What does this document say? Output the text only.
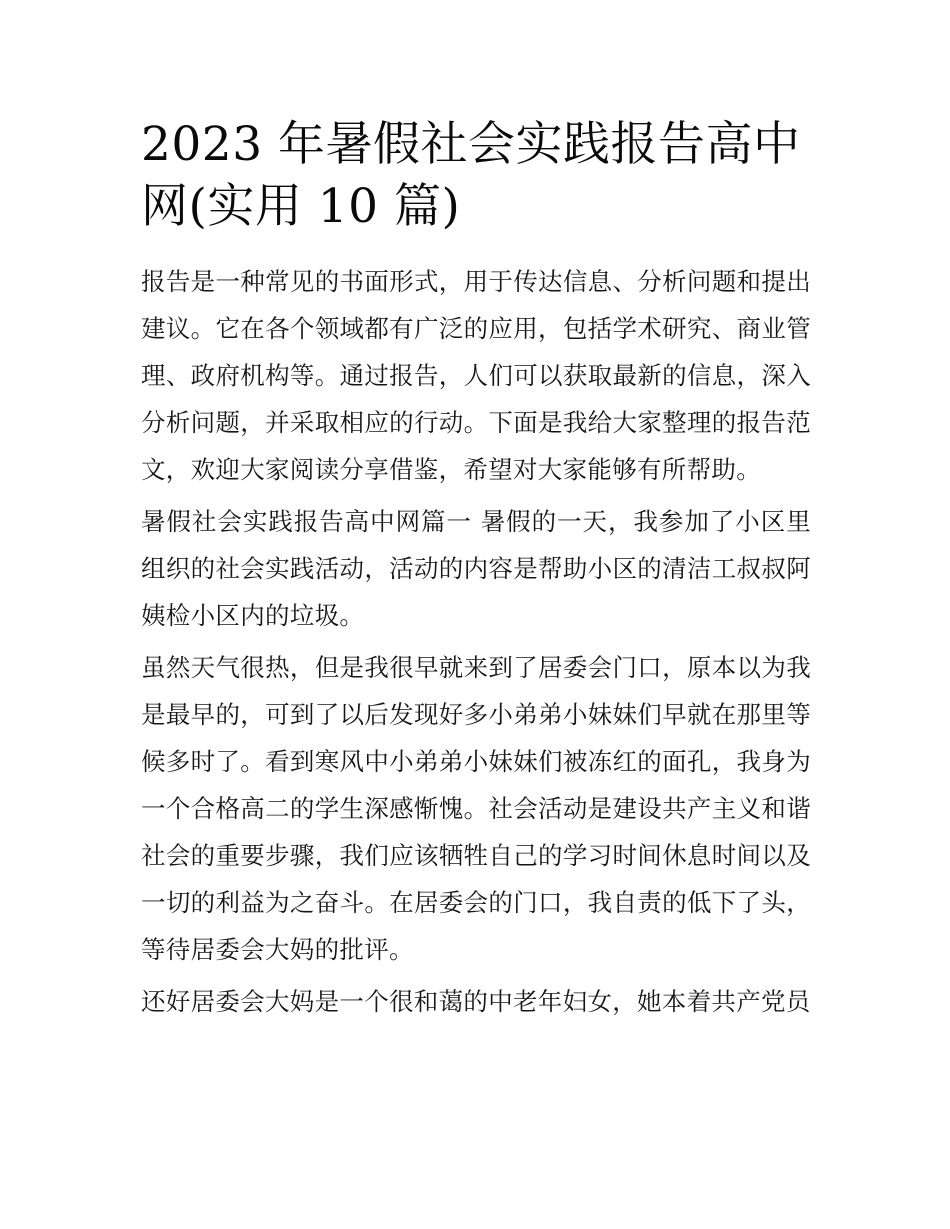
2023 年暑假社会实践报告高中网(实用 10 篇)

报告是一种常见的书面形式，用于传达信息、分析问题和提出建议。它在各个领域都有广泛的应用，包括学术研究、商业管理、政府机构等。通过报告，人们可以获取最新的信息，深入分析问题，并采取相应的行动。下面是我给大家整理的报告范文，欢迎大家阅读分享借鉴，希望对大家能够有所帮助。

暑假社会实践报告高中网篇一 暑假的一天，我参加了小区里组织的社会实践活动，活动的内容是帮助小区的清洁工叔叔阿姨检小区内的垃圾。

虽然天气很热，但是我很早就来到了居委会门口，原本以为我是最早的，可到了以后发现好多小弟弟小妹妹们早就在那里等候多时了。看到寒风中小弟弟小妹妹们被冻红的面孔，我身为一个合格高二的学生深感惭愧。社会活动是建设共产主义和谐社会的重要步骤，我们应该牺牲自己的学习时间休息时间以及一切的利益为之奋斗。在居委会的门口，我自责的低下了头，等待居委会大妈的批评。

还好居委会大妈是一个很和蔼的中老年妇女，她本着共产党员
